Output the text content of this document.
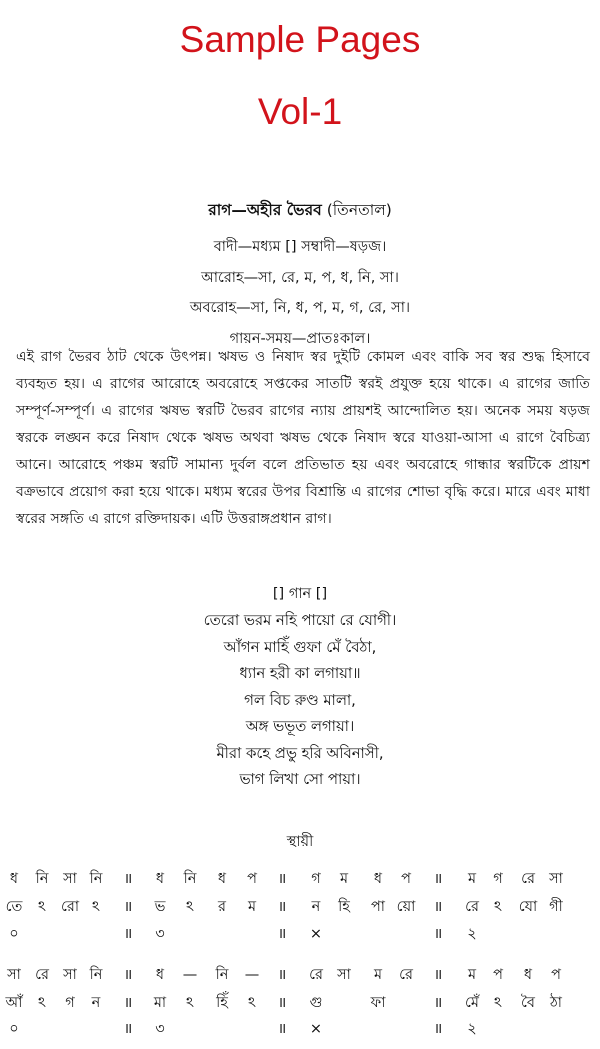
Sample Pages
Vol-1
রাগ—অহীর ভৈরব (তিনতাল)
বাদী—মধ্যম [] সম্বাদী—ষড়জ।
আরোহ—সা, রে, ম, প, ধ, নি, সা।
অবরোহ—সা, নি, ধ, প, ম, গ, রে, সা।
গায়ন-সময়—প্রাতঃকাল।
এই রাগ ভৈরব ঠাট থেকে উৎপন্ন। ঋষভ ও নিষাদ স্বর দুইটি কোমল এবং বাকি সব স্বর শুদ্ধ হিসাবে ব্যবহৃত হয়। এ রাগের আরোহে অবরোহে সপ্তকের সাতটি স্বরই প্রযুক্ত হয়ে থাকে। এ রাগের জাতি সম্পূর্ণ-সম্পূর্ণ। এ রাগের ঋষভ স্বরটি ভৈরব রাগের ন্যায় প্রায়শই আন্দোলিত হয়। অনেক সময় ষড়জ স্বরকে লঙ্ঘন করে নিষাদ থেকে ঋষভ অথবা ঋষভ থেকে নিষাদ স্বরে যাওয়া-আসা এ রাগে বৈচিত্র্য আনে। আরোহে পঞ্চম স্বরটি সামান্য দুর্বল বলে প্রতিভাত হয় এবং অবরোহে গান্ধার স্বরটিকে প্রায়শ বক্রভাবে প্রয়োগ করা হয়ে থাকে। মধ্যম স্বরের উপর বিশ্রান্তি এ রাগের শোভা বৃদ্ধি করে। মারে এবং মাধা স্বরের সঙ্গতি এ রাগে রক্তিদায়ক। এটি উত্তরাঙ্গপ্রধান রাগ।
[] গান []
তেরো ভরম নহি পায়ো রে যোগী।
আঁগন মাহিঁ গুফা মেঁ বৈঠা,
ধ্যান হরী কা লগায়া॥
গল বিচ রুণ্ড মালা,
অঙ্গ ভভূত লগায়া।
মীরা কহে প্রভু হরি অবিনাসী,
ভাগ লিখা সো পায়া।
স্থায়ী
ধ নি সা নি ॥ ধ নি ধ প ॥ গ ম ধ প ॥ ম গ রে সা
তে ঽ রো ঽ ॥ ভ ঽ র ম ॥ ন হি পা য়ো ॥ রে ঽ যো গী
০	॥ ৩	॥ ×	॥ ২
সা রে সা নি ॥ ধ — নি — ॥ রে সা ম রে ॥ ম প ধ প
আঁ ঽ গ ন ॥ মা ঽ হিঁ ঽ ॥ গু	ফা	॥ মেঁ ঽ বৈ ঠা
০	॥ ৩	॥ ×	॥ ২
